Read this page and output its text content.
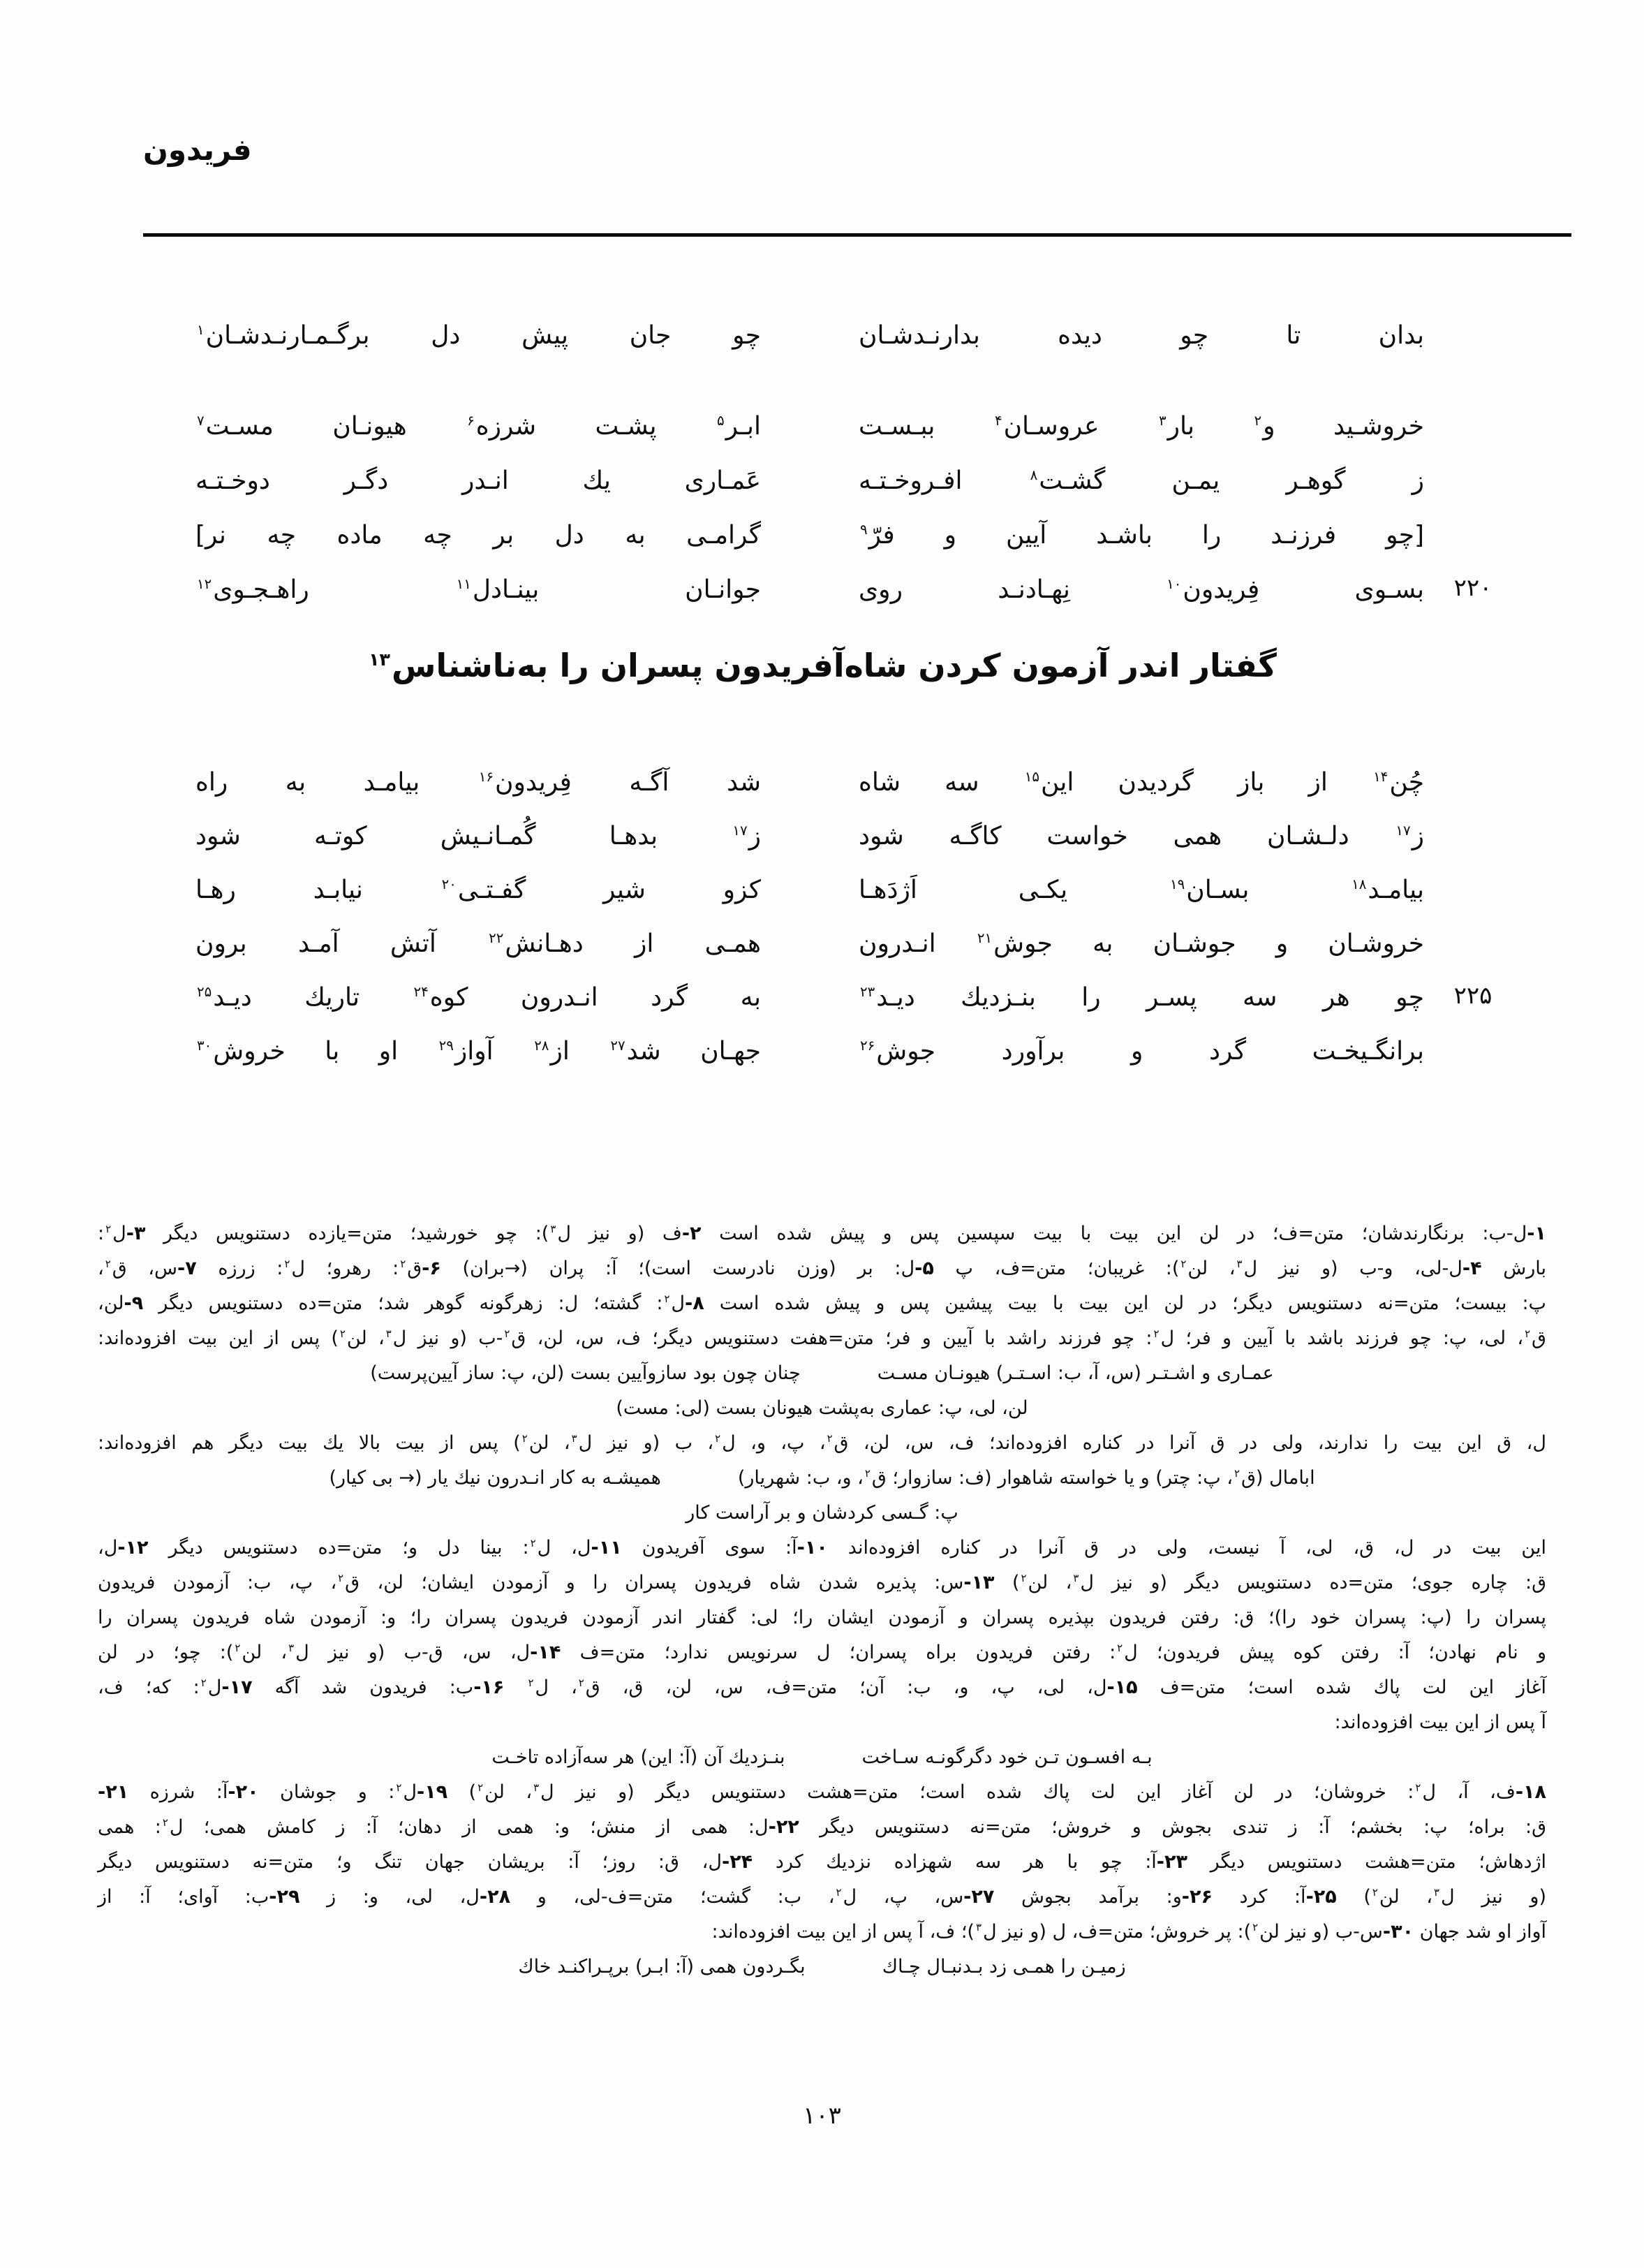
فریدون
بدان تا چو دیده بدارنـدشـان
چو جان پیش دل برگـمـارنـدشـان$^۱$
خروشـید و$^۲$ بار$^۳$ عروسـان$^۴$ ببـسـت
ابـر$^۵$ پشـت شرزه$^۶$ هیونـان مسـت$^۷$
ز گوهـر یمـن گشـت$^۸$ افـروخـتـه
عَمـاری یك انـدر دگـر دوخـتـه
[چو فرزنـد را باشـد آیین و فرّ$^۹$
گرامـی به دل بر چه ماده چه نر]
۲۲۰
بسـوی فِریدون$^{۱۰}$ نِهـادنـد روی
جوانـان بینـادل$^{۱۱}$ راهـجـوی$^{۱۲}$
گفتار اندر آزمون کردن شاه‌آفریدون پسران را به‌ناشناس$^{۱۳}$
چُن$^{۱۴}$ از باز گردیدن این$^{۱۵}$ سه شاه
شد آگـه فِریدون$^{۱۶}$ بیامـد به راه
ز$^{۱۷}$ دلـشـان همی خواست کاگـه شود
ز$^{۱۷}$ بدهـا گُمـانـیش کوتـه شود
بیامـد$^{۱۸}$ بسـان$^{۱۹}$ یکـی اَژدَهـا
کزو شیر گفـتـی$^{۲۰}$ نیابـد رهـا
خروشـان و جوشـان به جوش$^{۲۱}$ انـدرون
همـی از دهـانش$^{۲۲}$ آتش آمـد برون
۲۲۵
چو هر سه پسـر را بنـزدیك دیـد$^{۲۳}$
به گرد انـدرون کوه$^{۲۴}$ تاریك دیـد$^{۲۵}$
برانگـیخـت گرد و برآورد جوش$^{۲۶}$
جهـان شد$^{۲۷}$ از$^{۲۸}$ آواز$^{۲۹}$ او با خروش$^{۳۰}$
۱-ل-ب: برنگارندشان؛ متن=ف؛ در لن این بیت با بیت سپسین پس و پیش شده است ۲-ف (و نیز ل$^۳$): چو خورشید؛ متن=یازده دستنویس دیگر ۳-ل$^۲$:
بارش ۴-ل-لی، و-ب (و نیز ل$^۳$، لن$^۲$): غریبان؛ متن=ف، پ ۵-ل: بر (وزن نادرست است)؛ آ: پران (→بران) ۶-ق$^۲$: رهرو؛ ل$^۲$: زرزه ۷-س، ق$^۲$،
پ: بیست؛ متن=نه دستنویس دیگر؛ در لن این بیت با بیت پیشین پس و پیش شده است ۸-ل$^۲$: گشته؛ ل: زهرگونه گوهر شد؛ متن=ده دستنویس دیگر ۹-لن،
ق$^۲$، لی، پ: چو فرزند باشد با آیین و فر؛ ل$^۲$: چو فرزند راشد با آیین و فر؛ متن=هفت دستنویس دیگر؛ ف، س، لن، ق$^۲$-ب (و نیز ل$^۳$، لن$^۲$) پس از این بیت افزوده‌اند:
عمـاری و اشـتـر (س، آ، ب: اسـتـر) هیونـان مسـت
چنان چون بود سازوآیین بست (لن، پ: ساز آیین‌پرست)
لن، لی، پ: عماری به‌پشت هیونان بست (لی: مست)
ل، ق این بیت را ندارند، ولی در ق آنرا در کناره افزوده‌اند؛ ف، س، لن، ق$^۲$، پ، و، ل$^۲$، ب (و نیز ل$^۳$، لن$^۲$) پس از بیت بالا یك بیت دیگر هم افزوده‌اند:
ابامال (ق$^۲$، پ: چتر) و یا خواسته شاهوار (ف: سازوار؛ ق$^۲$، و، ب: شهریار)
همیشـه به کار انـدرون نیك یار (→ بی کیار)
پ: گـسی کردشان و بر آراست کار
این بیت در ل، ق، لی، آ نیست، ولی در ق آنرا در کناره افزوده‌اند ۱۰-آ: سوی آفریدون ۱۱-ل، ل$^۲$: بینا دل و؛ متن=ده دستنویس دیگر ۱۲-ل،
ق: چاره جوی؛ متن=ده دستنویس دیگر (و نیز ل$^۳$، لن$^۲$) ۱۳-س: پذیره شدن شاه فریدون پسران را و آزمودن ایشان؛ لن، ق$^۲$، پ، ب: آزمودن فریدون
پسران را (پ: پسران خود را)؛ ق: رفتن فریدون بپذیره پسران و آزمودن ایشان را؛ لی: گفتار اندر آزمودن فریدون پسران را؛ و: آزمودن شاه فریدون پسران را
و نام نهادن؛ آ: رفتن کوه پیش فریدون؛ ل$^۲$: رفتن فریدون براه پسران؛ ل سرنویس ندارد؛ متن=ف ۱۴-ل، س، ق-ب (و نیز ل$^۳$، لن$^۲$): چو؛ در لن
آغاز این لت پاك شده است؛ متن=ف ۱۵-ل، لی، پ، و، ب: آن؛ متن=ف، س، لن، ق، ق$^۲$، ل$^۲$ ۱۶-ب: فریدون شد آگه ۱۷-ل$^۲$: که؛ ف،
آ پس از این بیت افزوده‌اند:
بـه افسـون تـن خود دگرگونـه سـاخت
بنـزدیك آن (آ: این) هر سه‌آزاده تاخـت
۱۸-ف، آ، ل$^۲$: خروشان؛ در لن آغاز این لت پاك شده است؛ متن=هشت دستنویس دیگر (و نیز ل$^۳$، لن$^۲$) ۱۹-ل$^۲$: و جوشان ۲۰-آ: شرزه ۲۱-
ق: براه؛ پ: بخشم؛ آ: ز تندی بجوش و خروش؛ متن=نه دستنویس دیگر ۲۲-ل: همی از منش؛ و: همی از دهان؛ آ: ز کامش همی؛ ل$^۲$: همی
اژدهاش؛ متن=هشت دستنویس دیگر ۲۳-آ: چو با هر سه شهزاده نزدیك کرد ۲۴-ل، ق: روز؛ آ: بریشان جهان تنگ و؛ متن=نه دستنویس دیگر
(و نیز ل$^۳$، لن$^۲$) ۲۵-آ: کرد ۲۶-و: برآمد بجوش ۲۷-س، پ، ل$^۲$، ب: گشت؛ متن=ف-لی، و ۲۸-ل، لی، و: ز ۲۹-ب: آوای؛ آ: از
آواز او شد جهان ۳۰-س-ب (و نیز لن$^۲$): پر خروش؛ متن=ف، ل (و نیز ل$^۳$)؛ ف، آ پس از این بیت افزوده‌اند:
زمیـن را همـی زد بـدنبـال چـاك
بگـردون همی (آ: ابـر) برپـراکنـد خاك
۱۰۳
